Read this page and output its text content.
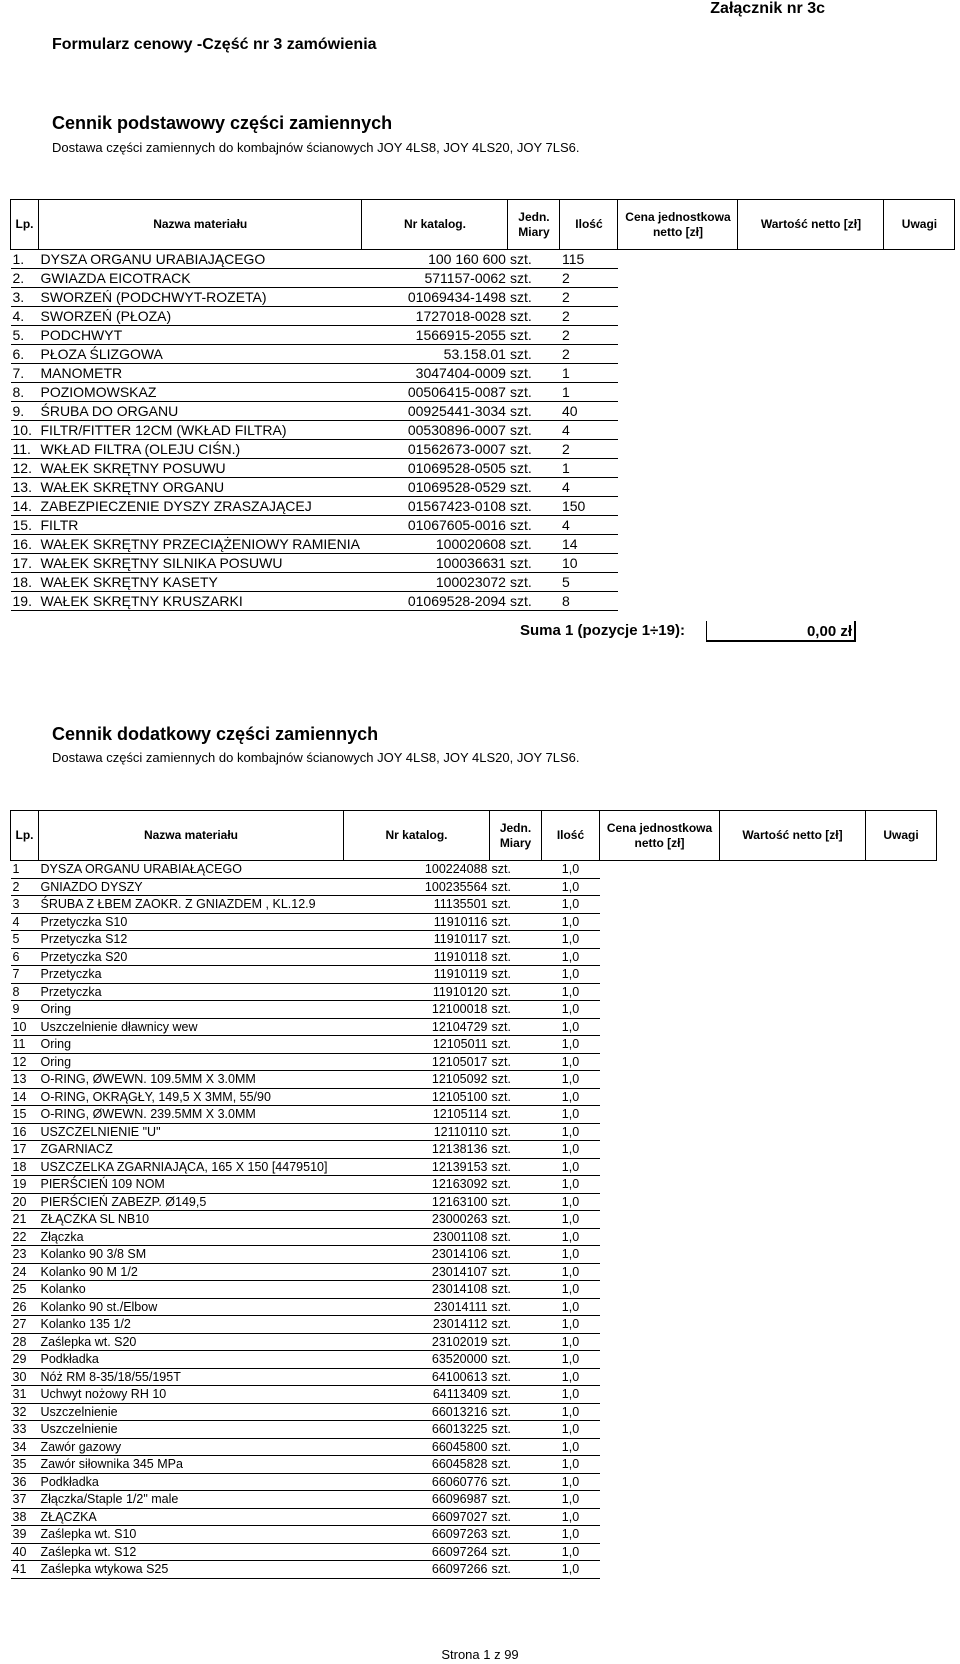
Załącznik nr 3c
Formularz cenowy -Część nr 3 zamówienia
Cennik podstawowy części zamiennych
Dostawa części zamiennych do kombajnów ścianowych JOY 4LS8, JOY 4LS20, JOY 7LS6.
Lp.	Nazwa materiału	Nr katalog.	Jedn. Miary	Ilość	Cena jednostkowa netto [zł]	Wartość netto [zł]	Uwagi
1.	DYSZA ORGANU URABIAJĄCEGO	100 160 600	szt.	115			
2.	GWIAZDA EICOTRACK	571157-0062	szt.	2			
3.	SWORZEŃ (PODCHWYT-ROZETA)	01069434-1498	szt.	2			
4.	SWORZEŃ (PŁOZA)	1727018-0028	szt.	2			
5.	PODCHWYT	1566915-2055	szt.	2			
6.	PŁOZA ŚLIZGOWA	53.158.01	szt.	2			
7.	MANOMETR	3047404-0009	szt.	1			
8.	POZIOMOWSKAZ	00506415-0087	szt.	1			
9.	ŚRUBA DO ORGANU	00925441-3034	szt.	40			
10.	FILTR/FITTER 12CM (WKŁAD FILTRA)	00530896-0007	szt.	4			
11.	WKŁAD FILTRA (OLEJU CIŚN.)	01562673-0007	szt.	2			
12.	WAŁEK SKRĘTNY POSUWU	01069528-0505	szt.	1			
13.	WAŁEK SKRĘTNY ORGANU	01069528-0529	szt.	4			
14.	ZABEZPIECZENIE DYSZY ZRASZAJĄCEJ	01567423-0108	szt.	150			
15.	FILTR	01067605-0016	szt.	4			
16.	WAŁEK SKRĘTNY PRZECIĄŻENIOWY RAMIENIA	100020608	szt.	14			
17.	WAŁEK SKRĘTNY SILNIKA POSUWU	100036631	szt.	10			
18.	WAŁEK SKRĘTNY KASETY	100023072	szt.	5			
19.	WAŁEK SKRĘTNY KRUSZARKI	01069528-2094	szt.	8			
Suma 1 (pozycje 1÷19):	0,00 zł
Cennik dodatkowy części zamiennych
Dostawa części zamiennych do kombajnów ścianowych JOY 4LS8, JOY 4LS20, JOY 7LS6.
Lp.	Nazwa materiału	Nr katalog.	Jedn. Miary	Ilość	Cena jednostkowa netto [zł]	Wartość netto [zł]	Uwagi
1	DYSZA ORGANU URABIAŁĄCEGO	100224088	szt.	1,0			
2	GNIAZDO DYSZY	100235564	szt.	1,0			
3	ŚRUBA Z ŁBEM ZAOKR. Z GNIAZDEM , KL.12.9	11135501	szt.	1,0			
4	Przetyczka S10	11910116	szt.	1,0			
5	Przetyczka S12	11910117	szt.	1,0			
6	Przetyczka S20	11910118	szt.	1,0			
7	Przetyczka	11910119	szt.	1,0			
8	Przetyczka	11910120	szt.	1,0			
9	Oring	12100018	szt.	1,0			
10	Uszczelnienie dławnicy wew	12104729	szt.	1,0			
11	Oring	12105011	szt.	1,0			
12	Oring	12105017	szt.	1,0			
13	O-RING, ØWEWN. 109.5MM X 3.0MM	12105092	szt.	1,0			
14	O-RING, OKRĄGŁY, 149,5 X 3MM, 55/90	12105100	szt.	1,0			
15	O-RING, ØWEWN. 239.5MM X 3.0MM	12105114	szt.	1,0			
16	USZCZELNIENIE "U"	12110110	szt.	1,0			
17	ZGARNIACZ	12138136	szt.	1,0			
18	USZCZELKA ZGARNIAJĄCA, 165 X 150 [4479510]	12139153	szt.	1,0			
19	PIERŚCIEŃ 109 NOM	12163092	szt.	1,0			
20	PIERŚCIEŃ ZABEZP. Ø149,5	12163100	szt.	1,0			
21	ZŁĄCZKA SL NB10	23000263	szt.	1,0			
22	Złączka	23001108	szt.	1,0			
23	Kolanko 90 3/8 SM	23014106	szt.	1,0			
24	Kolanko 90 M 1/2	23014107	szt.	1,0			
25	Kolanko	23014108	szt.	1,0			
26	Kolanko 90 st./Elbow	23014111	szt.	1,0			
27	Kolanko 135 1/2	23014112	szt.	1,0			
28	Zaślepka wt. S20	23102019	szt.	1,0			
29	Podkładka	63520000	szt.	1,0			
30	Nóż RM 8-35/18/55/195T	64100613	szt.	1,0			
31	Uchwyt nożowy RH 10	64113409	szt.	1,0			
32	Uszczelnienie	66013216	szt.	1,0			
33	Uszczelnienie	66013225	szt.	1,0			
34	Zawór gazowy	66045800	szt.	1,0			
35	Zawór siłownika 345 MPa	66045828	szt.	1,0			
36	Podkładka	66060776	szt.	1,0			
37	Złączka/Staple 1/2" male	66096987	szt.	1,0			
38	ZŁĄCZKA	66097027	szt.	1,0			
39	Zaślepka wt. S10	66097263	szt.	1,0			
40	Zaślepka wt. S12	66097264	szt.	1,0			
41	Zaślepka wtykowa S25	66097266	szt.	1,0			
Strona 1 z 99
